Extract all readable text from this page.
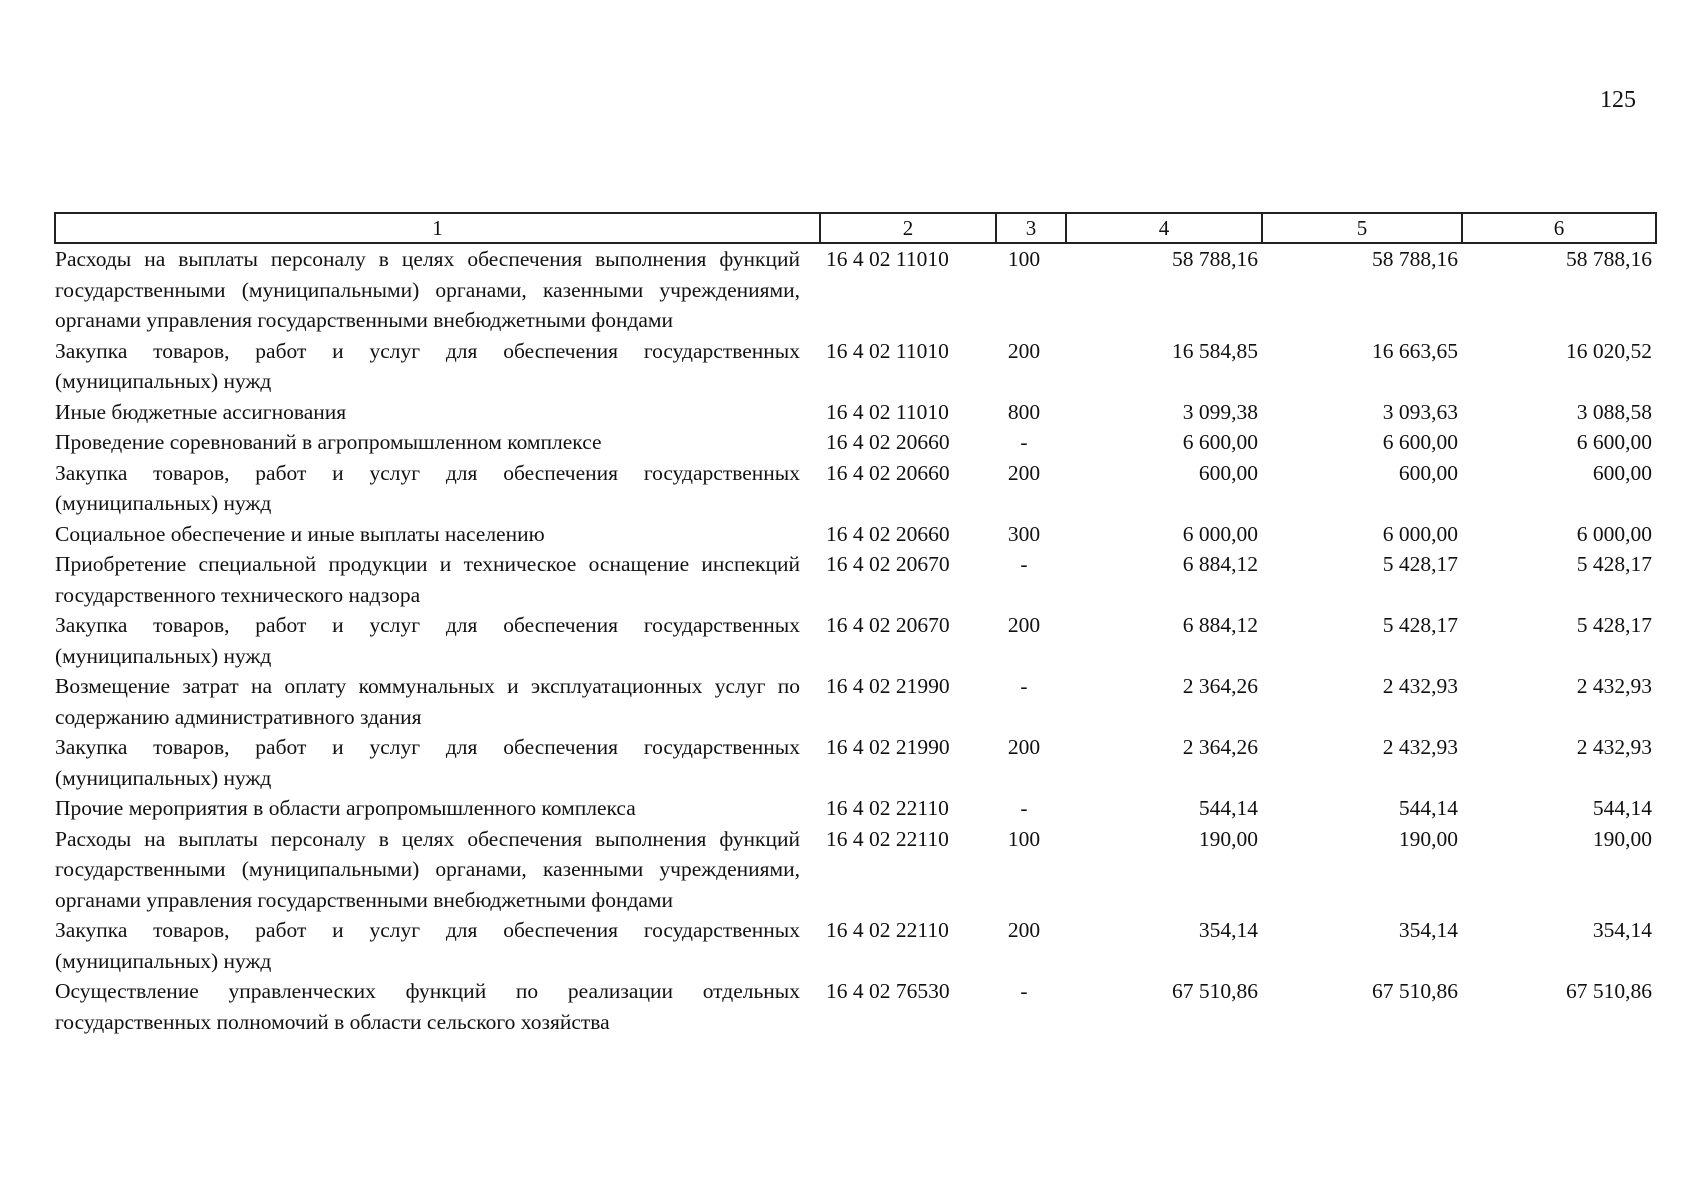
125
1	2	3	4	5	6
Расходы на выплаты персоналу в целях обеспечения выполнения функций государственными (муниципальными) органами, казенными учреждениями, органами управления государственными внебюджетными фондами	16 4 02 11010	100	58 788,16	58 788,16	58 788,16
Закупка товаров, работ и услуг для обеспечения государственных (муниципальных) нужд	16 4 02 11010	200	16 584,85	16 663,65	16 020,52
Иные бюджетные ассигнования	16 4 02 11010	800	3 099,38	3 093,63	3 088,58
Проведение соревнований в агропромышленном комплексе	16 4 02 20660	-	6 600,00	6 600,00	6 600,00
Закупка товаров, работ и услуг для обеспечения государственных (муниципальных) нужд	16 4 02 20660	200	600,00	600,00	600,00
Социальное обеспечение и иные выплаты населению	16 4 02 20660	300	6 000,00	6 000,00	6 000,00
Приобретение специальной продукции и техническое оснащение инспекций государственного технического надзора	16 4 02 20670	-	6 884,12	5 428,17	5 428,17
Закупка товаров, работ и услуг для обеспечения государственных (муниципальных) нужд	16 4 02 20670	200	6 884,12	5 428,17	5 428,17
Возмещение затрат на оплату коммунальных и эксплуатационных услуг по содержанию административного здания	16 4 02 21990	-	2 364,26	2 432,93	2 432,93
Закупка товаров, работ и услуг для обеспечения государственных (муниципальных) нужд	16 4 02 21990	200	2 364,26	2 432,93	2 432,93
Прочие мероприятия в области агропромышленного комплекса	16 4 02 22110	-	544,14	544,14	544,14
Расходы на выплаты персоналу в целях обеспечения выполнения функций государственными (муниципальными) органами, казенными учреждениями, органами управления государственными внебюджетными фондами	16 4 02 22110	100	190,00	190,00	190,00
Закупка товаров, работ и услуг для обеспечения государственных (муниципальных) нужд	16 4 02 22110	200	354,14	354,14	354,14
Осуществление управленческих функций по реализации отдельных государственных полномочий в области сельского хозяйства	16 4 02 76530	-	67 510,86	67 510,86	67 510,86
